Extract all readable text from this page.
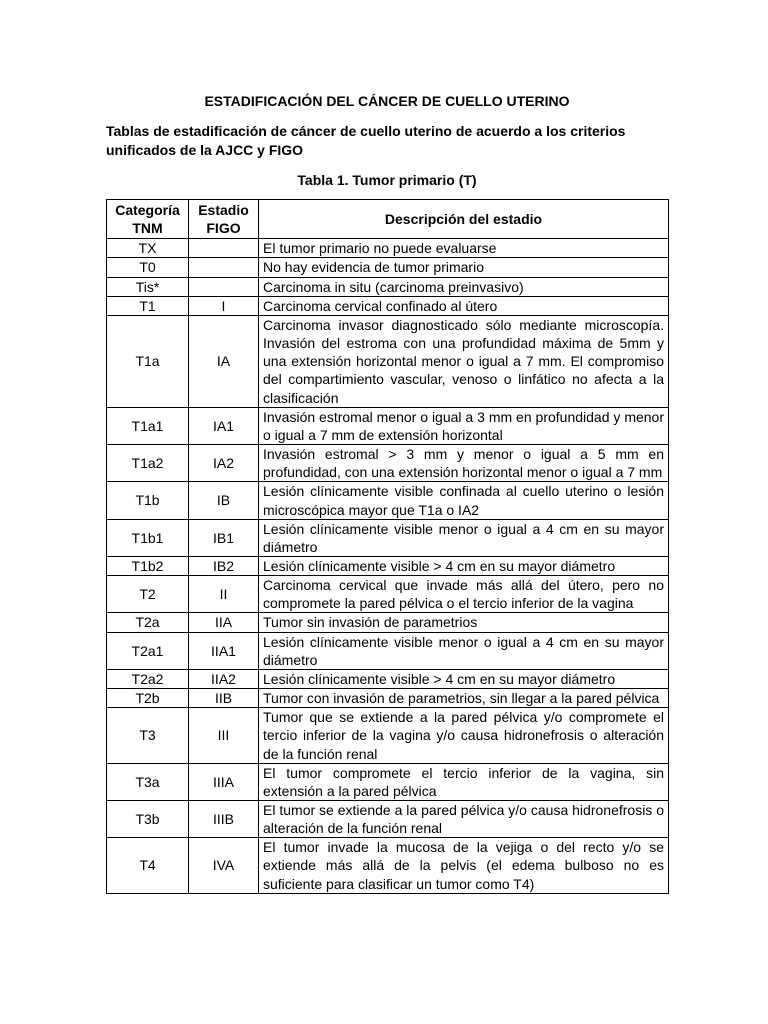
ESTADIFICACIÓN DEL CÁNCER DE CUELLO UTERINO
Tablas de estadificación de cáncer de cuello uterino de acuerdo a los criterios unificados de la AJCC y FIGO
Tabla 1. Tumor primario (T)
Categoría TNM	Estadio FIGO	Descripción del estadio
TX		El tumor primario no puede evaluarse
T0		No hay evidencia de tumor primario
Tis*		Carcinoma in situ (carcinoma preinvasivo)
T1	I	Carcinoma cervical confinado al útero
T1a	IA	Carcinoma invasor diagnosticado sólo mediante microscopía. Invasión del estroma con una profundidad máxima de 5mm y una extensión horizontal menor o igual a 7 mm. El compromiso del compartimiento vascular, venoso o linfático no afecta a la clasificación
T1a1	IA1	Invasión estromal menor o igual a 3 mm en profundidad y menor o igual a 7 mm de extensión horizontal
T1a2	IA2	Invasión estromal > 3 mm y menor o igual a 5 mm en profundidad, con una extensión horizontal menor o igual a 7 mm
T1b	IB	Lesión clínicamente visible confinada al cuello uterino o lesión microscópica mayor que T1a o IA2
T1b1	IB1	Lesión clínicamente visible menor o igual a 4 cm en su mayor diámetro
T1b2	IB2	Lesión clínicamente visible > 4 cm en su mayor diámetro
T2	II	Carcinoma cervical que invade más allá del útero, pero no compromete la pared pélvica o el tercio inferior de la vagina
T2a	IIA	Tumor sin invasión de parametrios
T2a1	IIA1	Lesión clínicamente visible menor o igual a 4 cm en su mayor diámetro
T2a2	IIA2	Lesión clínicamente visible > 4 cm en su mayor diámetro
T2b	IIB	Tumor con invasión de parametrios, sin llegar a la pared pélvica
T3	III	Tumor que se extiende a la pared pélvica y/o compromete el tercio inferior de la vagina y/o causa hidronefrosis o alteración de la función renal
T3a	IIIA	El tumor compromete el tercio inferior de la vagina, sin extensión a la pared pélvica
T3b	IIIB	El tumor se extiende a la pared pélvica y/o causa hidronefrosis o alteración de la función renal
T4	IVA	El tumor invade la mucosa de la vejiga o del recto y/o se extiende más allá de la pelvis (el edema bulboso no es suficiente para clasificar un tumor como T4)
